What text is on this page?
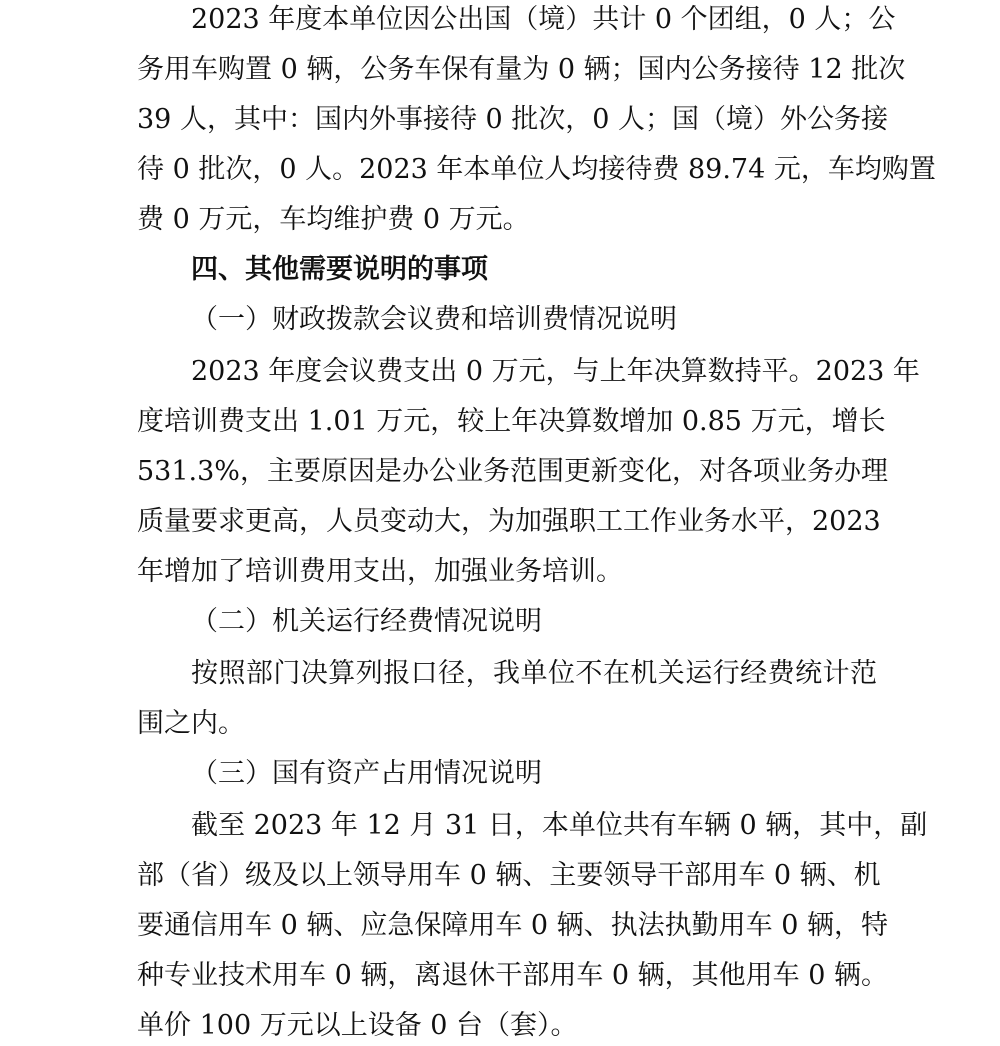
2023 年度本单位因公出国（境）共计 0 个团组，0 人；公
务用车购置 0 辆，公务车保有量为 0 辆；国内公务接待 12 批次
39 人，其中：国内外事接待 0 批次，0 人；国（境）外公务接
待 0 批次，0 人。2023 年本单位人均接待费 89.74 元，车均购置
费 0 万元，车均维护费 0 万元。
四、其他需要说明的事项
（一）财政拨款会议费和培训费情况说明
2023 年度会议费支出 0 万元，与上年决算数持平。2023 年
度培训费支出 1.01 万元，较上年决算数增加 0.85 万元，增长
531.3%，主要原因是办公业务范围更新变化，对各项业务办理
质量要求更高，人员变动大，为加强职工工作业务水平，2023
年增加了培训费用支出，加强业务培训。
（二）机关运行经费情况说明
按照部门决算列报口径，我单位不在机关运行经费统计范
围之内。
（三）国有资产占用情况说明
截至 2023 年 12 月 31 日，本单位共有车辆 0 辆，其中，副
部（省）级及以上领导用车 0 辆、主要领导干部用车 0 辆、机
要通信用车 0 辆、应急保障用车 0 辆、执法执勤用车 0 辆，特
种专业技术用车 0 辆，离退休干部用车 0 辆，其他用车 0 辆。
单价 100 万元以上设备 0 台（套）。
